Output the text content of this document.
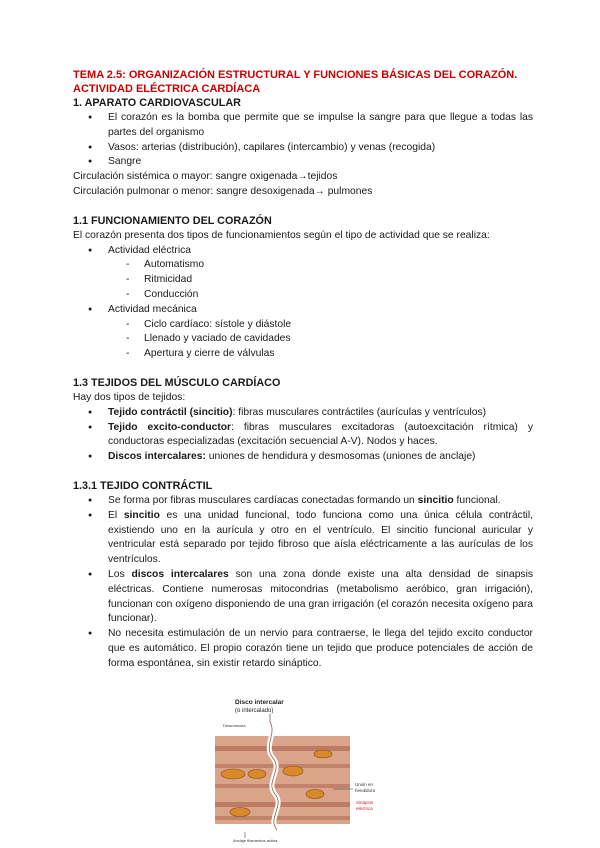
TEMA 2.5: ORGANIZACIÓN ESTRUCTURAL Y FUNCIONES BÁSICAS DEL CORAZÓN. ACTIVIDAD ELÉCTRICA CARDÍACA

1. APARATO CARDIOVASCULAR

● El corazón es la bomba que permite que se impulse la sangre para que llegue a todas las partes del organismo
● Vasos: arterias (distribución), capilares (intercambio) y venas (recogida)
● Sangre

Circulación sistémica o mayor: sangre oxigenada→tejidos

Circulación pulmonar o menor: sangre desoxigenada→ pulmones

1.1 FUNCIONAMIENTO DEL CORAZÓN

El corazón presenta dos tipos de funcionamientos según el tipo de actividad que se realiza:

● Actividad eléctrica
- Automatismo
- Ritmicidad
- Conducción
● Actividad mecánica
- Ciclo cardíaco: sístole y diástole
- Llenado y vaciado de cavidades
- Apertura y cierre de válvulas

1.3 TEJIDOS DEL MÚSCULO CARDÍACO

Hay dos tipos de tejidos:

● Tejido contráctil (sincitio): fibras musculares contráctiles (aurículas y ventrículos)
● Tejido excito-conductor: fibras musculares excitadoras (autoexcitación rítmica) y conductoras especializadas (excitación secuencial A-V). Nodos y haces.
● Discos intercalares: uniones de hendidura y desmosomas (uniones de anclaje)

1.3.1 TEJIDO CONTRÁCTIL

● Se forma por fibras musculares cardíacas conectadas formando un sincitio funcional.
● El sincitio es una unidad funcional, todo funciona como una única célula contráctil, existiendo uno en la aurícula y otro en el ventrículo. El sincitio funcional auricular y ventricular está separado por tejido fibroso que aísla eléctricamente a las aurículas de los ventrículos.
● Los discos intercalares son una zona donde existe una alta densidad de sinapsis eléctricas. Contiene numerosas mitocondrias (metabolismo aeróbico, gran irrigación), funcionan con oxígeno disponiendo de una gran irrigación (el corazón necesita oxígeno para funcionar).
● No necesita estimulación de un nervio para contraerse, le llega del tejido excito conductor que es automático. El propio corazón tiene un tejido que produce potenciales de acción de forma espontánea, sin existir retardo sináptico.
Disco intercalar
(o intercalado)
Desmosoma
Unión en
hendidura
Sinapsis
eléctrica
Anclaje filamentos actina
